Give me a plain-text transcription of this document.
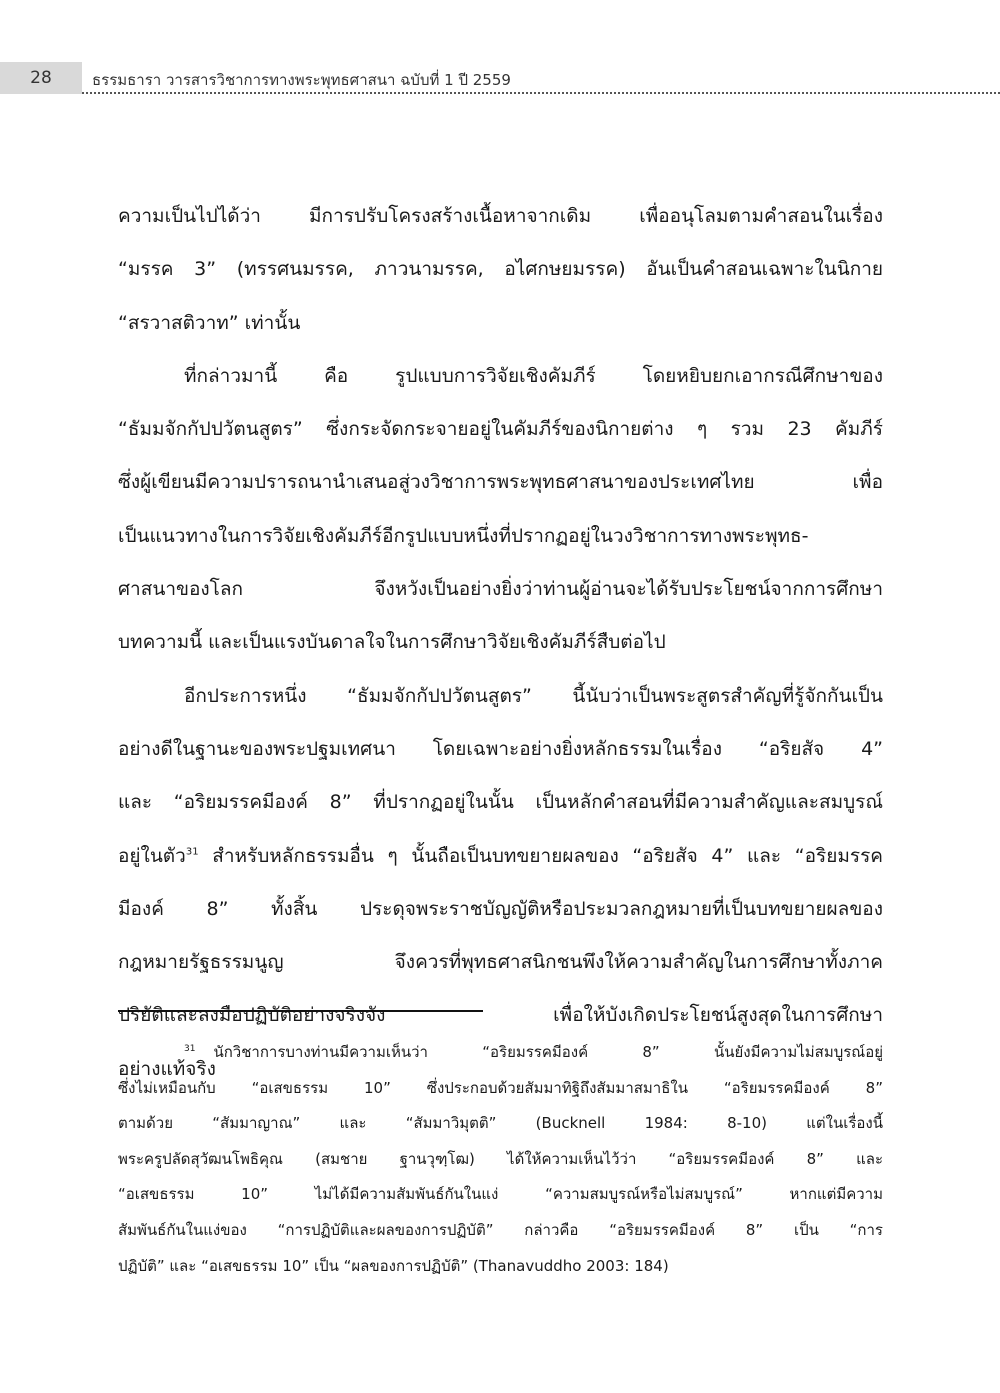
28	ธรรมธารา วารสารวิชาการทางพระพุทธศาสนา ฉบับที่ 1 ปี 2559
ความเป็นไปได้ว่า มีการปรับโครงสร้างเนื้อหาจากเดิม เพื่ออนุโลมตามคำสอนในเรื่อง
“มรรค 3” (ทรรศนมรรค, ภาวนามรรค, อไศกษยมรรค) อันเป็นคำสอนเฉพาะในนิกาย
“สรวาสติวาท” เท่านั้น
ที่กล่าวมานี้ คือ รูปแบบการวิจัยเชิงคัมภีร์ โดยหยิบยกเอากรณีศึกษาของ
“ธัมมจักกัปปวัตนสูตร” ซึ่งกระจัดกระจายอยู่ในคัมภีร์ของนิกายต่าง ๆ รวม 23 คัมภีร์
ซึ่งผู้เขียนมีความปรารถนานำเสนอสู่วงวิชาการพระพุทธศาสนาของประเทศไทย เพื่อ
เป็นแนวทางในการวิจัยเชิงคัมภีร์อีกรูปแบบหนึ่งที่ปรากฏอยู่ในวงวิชาการทางพระพุทธ-
ศาสนาของโลก จึงหวังเป็นอย่างยิ่งว่าท่านผู้อ่านจะได้รับประโยชน์จากการศึกษา
บทความนี้ และเป็นแรงบันดาลใจในการศึกษาวิจัยเชิงคัมภีร์สืบต่อไป
อีกประการหนึ่ง “ธัมมจักกัปปวัตนสูตร” นี้นับว่าเป็นพระสูตรสำคัญที่รู้จักกันเป็น
อย่างดีในฐานะของพระปฐมเทศนา โดยเฉพาะอย่างยิ่งหลักธรรมในเรื่อง “อริยสัจ 4”
และ “อริยมรรคมีองค์ 8” ที่ปรากฏอยู่ในนั้น เป็นหลักคำสอนที่มีความสำคัญและสมบูรณ์
อยู่ในตัว$^{31}$ สำหรับหลักธรรมอื่น ๆ นั้นถือเป็นบทขยายผลของ “อริยสัจ 4” และ “อริยมรรค
มีองค์ 8” ทั้งสิ้น ประดุจพระราชบัญญัติหรือประมวลกฎหมายที่เป็นบทขยายผลของ
กฎหมายรัฐธรรมนูญ จึงควรที่พุทธศาสนิกชนพึงให้ความสำคัญในการศึกษาทั้งภาค
ปริยัติและลงมือปฏิบัติอย่างจริงจัง เพื่อให้บังเกิดประโยชน์สูงสุดในการศึกษา
อย่างแท้จริง
$^{31}$ นักวิชาการบางท่านมีความเห็นว่า “อริยมรรคมีองค์ 8” นั้นยังมีความไม่สมบูรณ์อยู่
ซึ่งไม่เหมือนกับ “อเสขธรรม 10” ซึ่งประกอบด้วยสัมมาทิฐิถึงสัมมาสมาธิใน “อริยมรรคมีองค์ 8”
ตามด้วย “สัมมาญาณ” และ “สัมมาวิมุตติ” (Bucknell 1984: 8-10) แต่ในเรื่องนี้
พระครูปลัดสุวัฒนโพธิคุณ (สมชาย ฐานวุฑฺโฒ) ได้ให้ความเห็นไว้ว่า “อริยมรรคมีองค์ 8” และ
“อเสขธรรม 10” ไม่ได้มีความสัมพันธ์กันในแง่ “ความสมบูรณ์หรือไม่สมบูรณ์” หากแต่มีความ
สัมพันธ์กันในแง่ของ “การปฏิบัติและผลของการปฏิบัติ” กล่าวคือ “อริยมรรคมีองค์ 8” เป็น “การ
ปฏิบัติ” และ “อเสขธรรม 10” เป็น “ผลของการปฏิบัติ” (Thanavuddho 2003: 184)
